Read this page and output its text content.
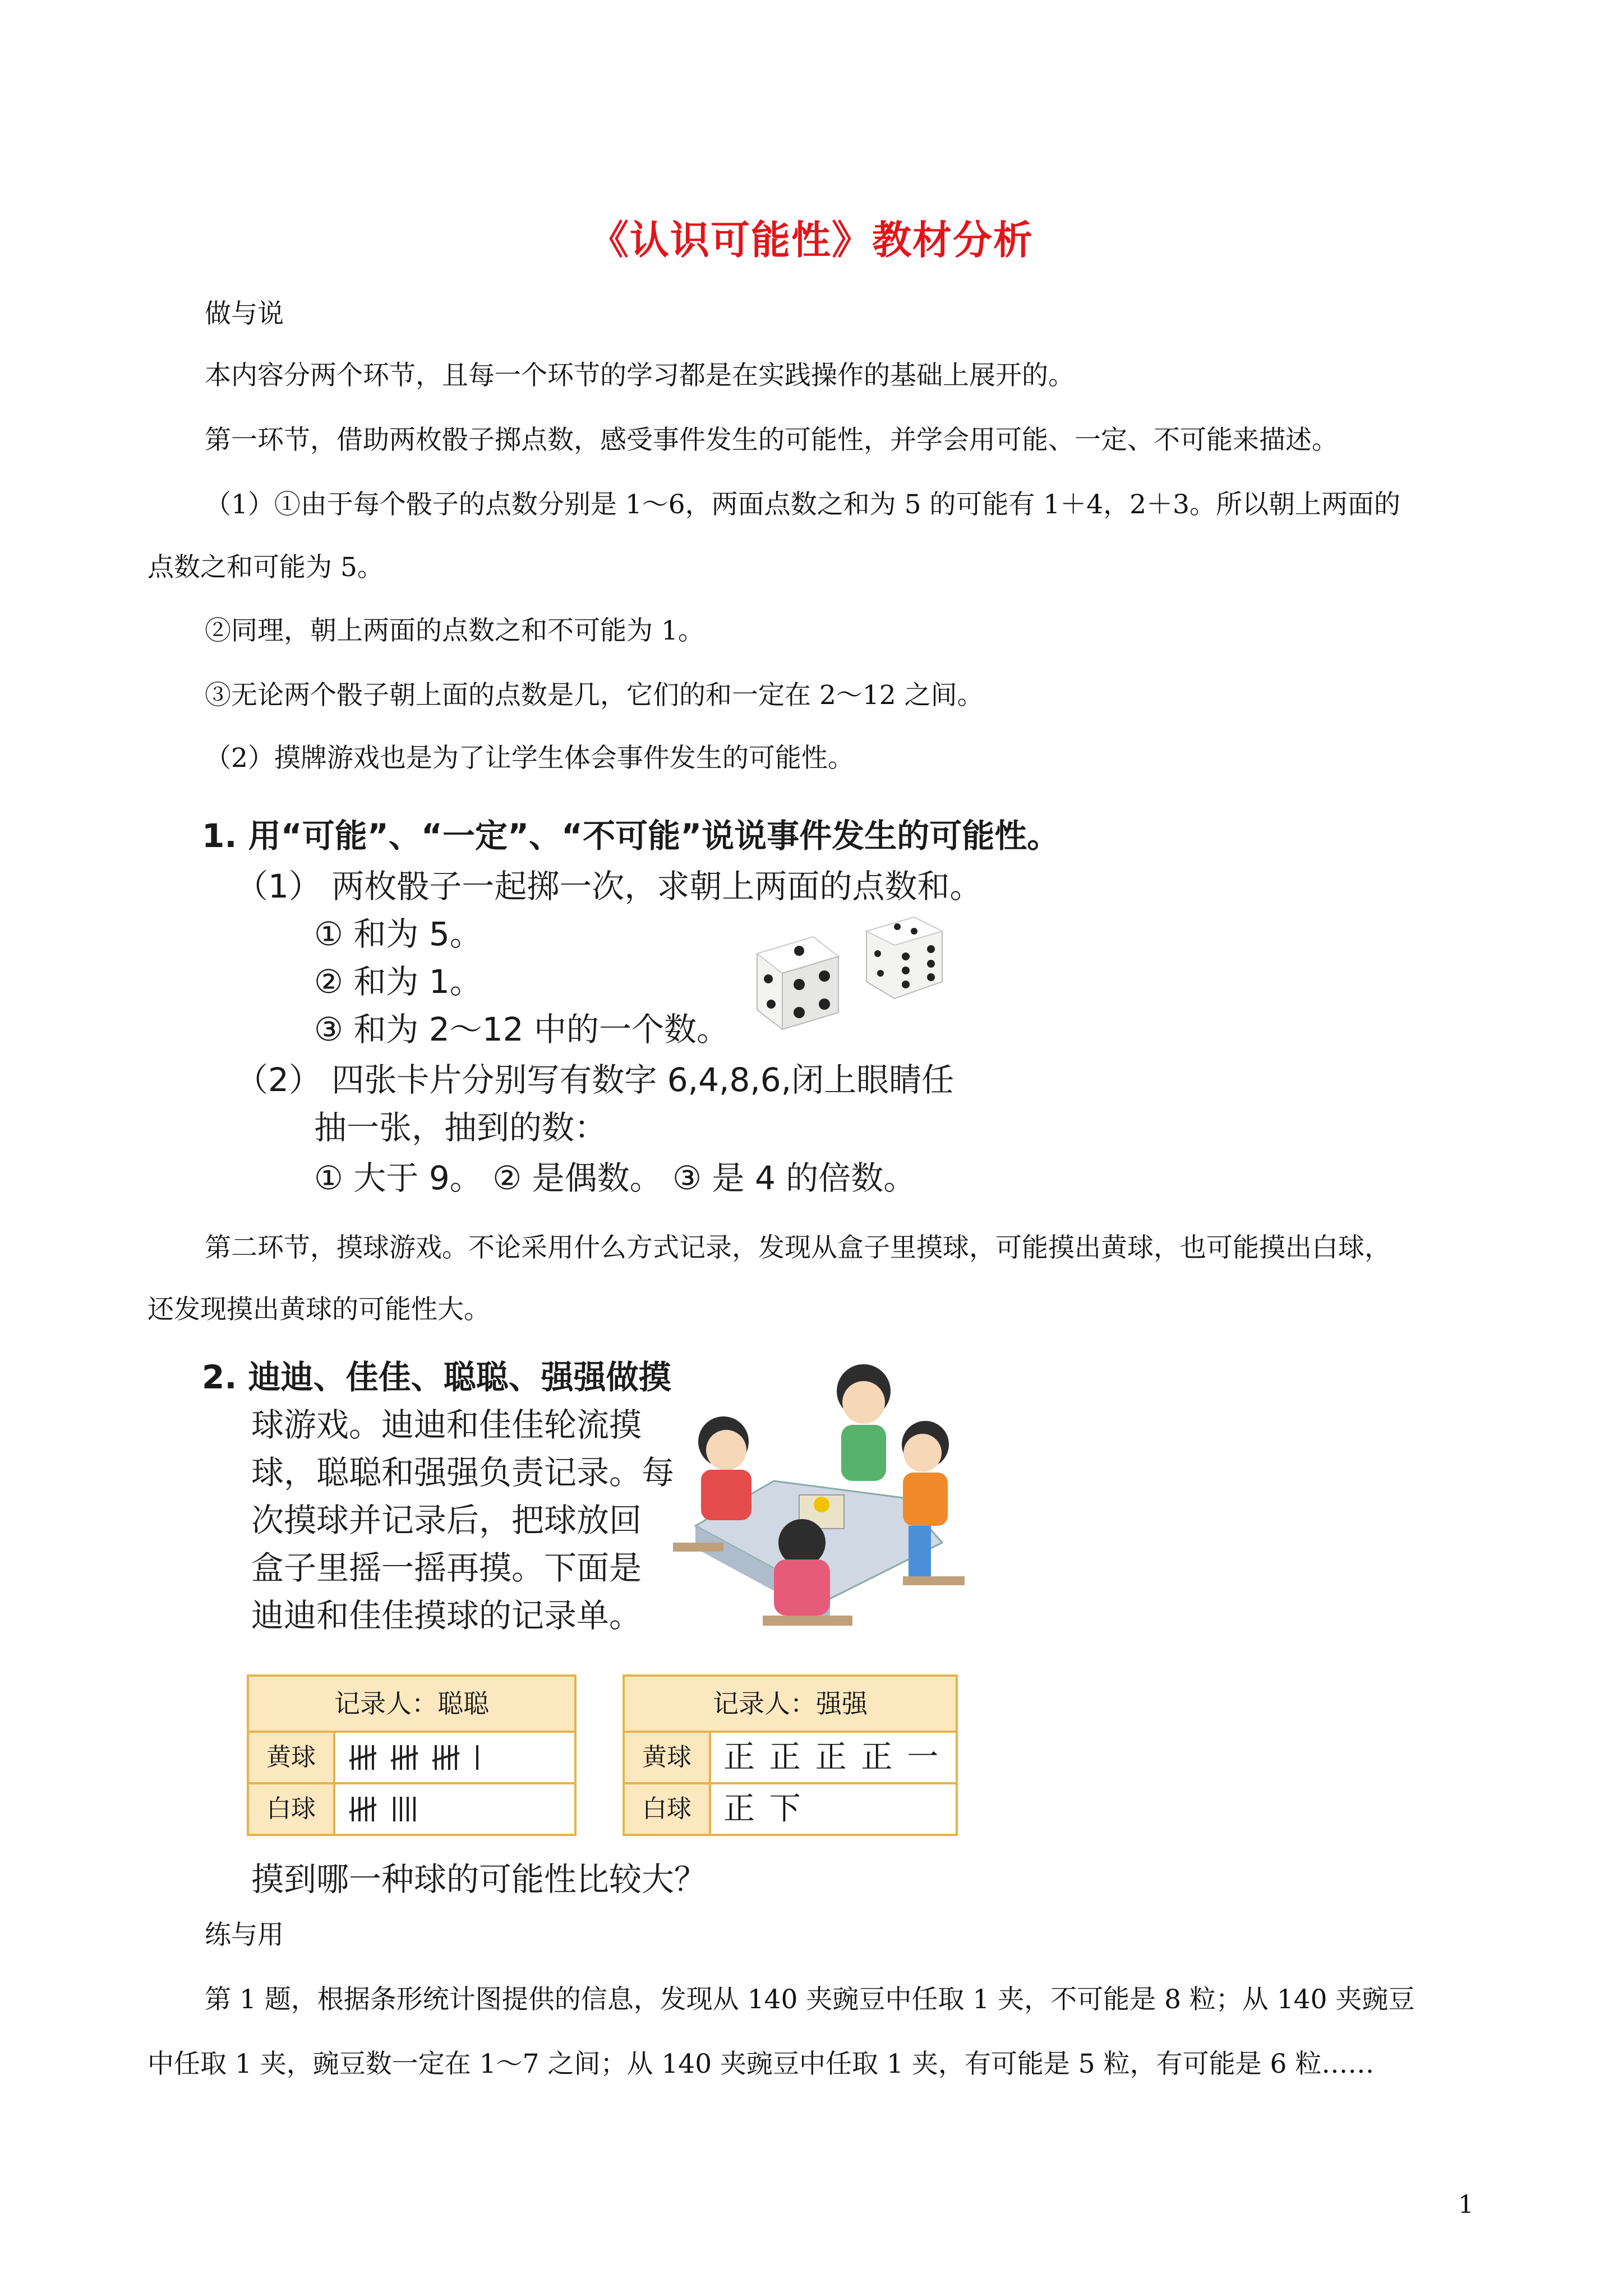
《认识可能性》教材分析
做与说
本内容分两个环节，且每一个环节的学习都是在实践操作的基础上展开的。
第一环节，借助两枚骰子掷点数，感受事件发生的可能性，并学会用可能、一定、不可能来描述。
（1）①由于每个骰子的点数分别是 1～6，两面点数之和为 5 的可能有 1＋4，2＋3。所以朝上两面的
点数之和可能为 5。
②同理，朝上两面的点数之和不可能为 1。
③无论两个骰子朝上面的点数是几，它们的和一定在 2～12 之间。
（2）摸牌游戏也是为了让学生体会事件发生的可能性。
1. 用“可能”、“一定”、“不可能”说说事件发生的可能性。
（1） 两枚骰子一起掷一次，求朝上两面的点数和。
① 和为 5。
② 和为 1。
③ 和为 2～12 中的一个数。
（2） 四张卡片分别写有数字 6,4,8,6,闭上眼睛任
抽一张，抽到的数：
① 大于 9。 ② 是偶数。 ③ 是 4 的倍数。
第二环节，摸球游戏。不论采用什么方式记录，发现从盒子里摸球，可能摸出黄球，也可能摸出白球，
还发现摸出黄球的可能性大。
2. 迪迪、佳佳、聪聪、强强做摸
球游戏。迪迪和佳佳轮流摸
球，聪聪和强强负责记录。每
次摸球并记录后，把球放回
盒子里摇一摇再摸。下面是
迪迪和佳佳摸球的记录单。
记录人：聪聪
黄球
白球
记录人：强强
黄球	正 正 正 正 一
白球	正 下
摸到哪一种球的可能性比较大？
练与用
第 1 题，根据条形统计图提供的信息，发现从 140 夹豌豆中任取 1 夹，不可能是 8 粒；从 140 夹豌豆
中任取 1 夹，豌豆数一定在 1～7 之间；从 140 夹豌豆中任取 1 夹，有可能是 5 粒，有可能是 6 粒……
1
